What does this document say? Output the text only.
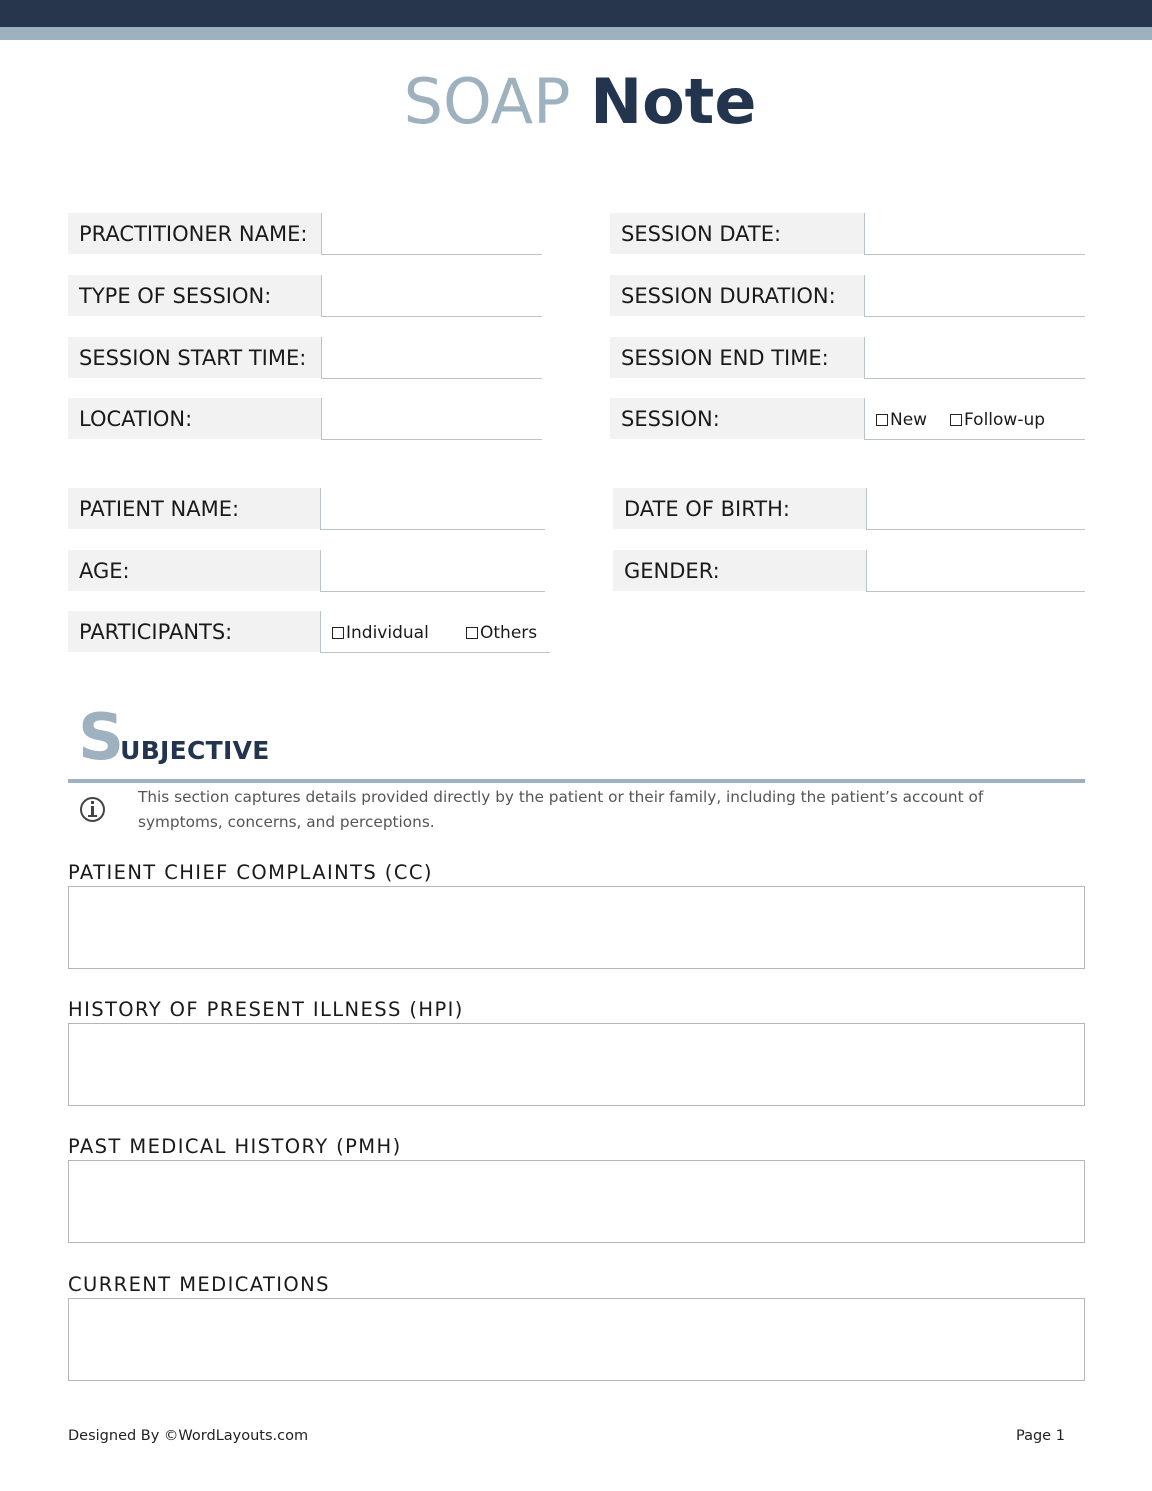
SOAP Note
PRACTITIONER NAME:
TYPE OF SESSION:
SESSION START TIME:
LOCATION:
SESSION DATE:
SESSION DURATION:
SESSION END TIME:
SESSION:	New	Follow-up
PATIENT NAME:
AGE:
PARTICIPANTS:	Individual	Others
DATE OF BIRTH:
GENDER:
SUBJECTIVE
This section captures details provided directly by the patient or their family, including the patient’s account of symptoms, concerns, and perceptions.
PATIENT CHIEF COMPLAINTS (CC)
HISTORY OF PRESENT ILLNESS (HPI)
PAST MEDICAL HISTORY (PMH)
CURRENT MEDICATIONS
Designed By ©WordLayouts.com	Page 1
